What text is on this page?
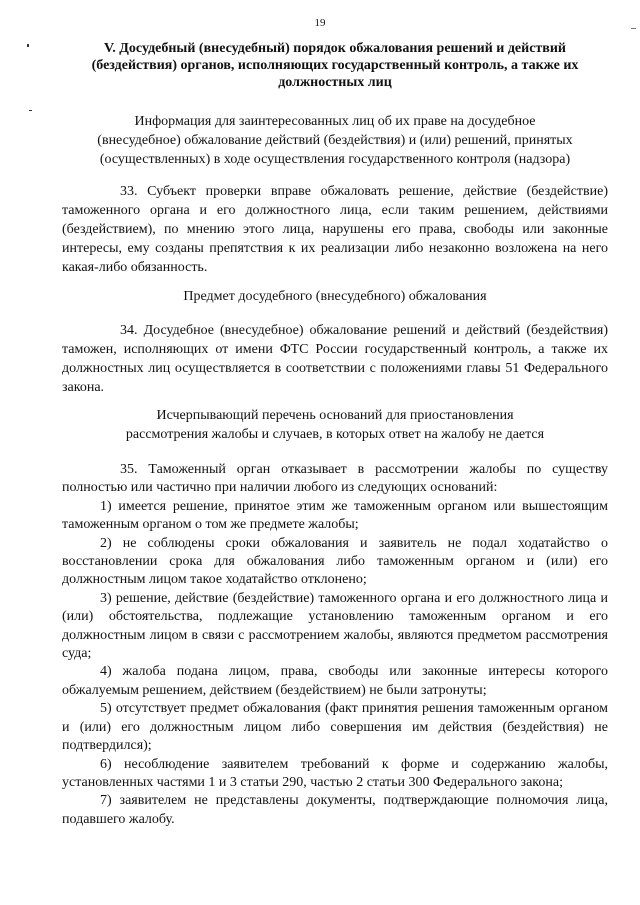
19
V. Досудебный (внесудебный) порядок обжалования решений и действий
(бездействия) органов, исполняющих государственный контроль, а также их
должностных лиц
Информация для заинтересованных лиц об их праве на досудебное
(внесудебное) обжалование действий (бездействия) и (или) решений, принятых
(осуществленных) в ходе осуществления государственного контроля (надзора)

33. Субъект проверки вправе обжаловать решение, действие (бездействие) таможенного органа и его должностного лица, если таким решением, действиями (бездействием), по мнению этого лица, нарушены его права, свободы или законные интересы, ему созданы препятствия к их реализации либо незаконно возложена на него какая-либо обязанность.

Предмет досудебного (внесудебного) обжалования

34. Досудебное (внесудебное) обжалование решений и действий (бездействия) таможен, исполняющих от имени ФТС России государственный контроль, а также их должностных лиц осуществляется в соответствии с положениями главы 51 Федерального закона.

Исчерпывающий перечень оснований для приостановления
рассмотрения жалобы и случаев, в которых ответ на жалобу не дается

35. Таможенный орган отказывает в рассмотрении жалобы по существу полностью или частично при наличии любого из следующих оснований:

1) имеется решение, принятое этим же таможенным органом или вышестоящим таможенным органом о том же предмете жалобы;

2) не соблюдены сроки обжалования и заявитель не подал ходатайство о восстановлении срока для обжалования либо таможенным органом и (или) его должностным лицом такое ходатайство отклонено;

3) решение, действие (бездействие) таможенного органа и его должностного лица и (или) обстоятельства, подлежащие установлению таможенным органом и его должностным лицом в связи с рассмотрением жалобы, являются предметом рассмотрения суда;

4) жалоба подана лицом, права, свободы или законные интересы которого обжалуемым решением, действием (бездействием) не были затронуты;

5) отсутствует предмет обжалования (факт принятия решения таможенным органом и (или) его должностным лицом либо совершения им действия (бездействия) не подтвердился);

6) несоблюдение заявителем требований к форме и содержанию жалобы, установленных частями 1 и 3 статьи 290, частью 2 статьи 300 Федерального закона;

7) заявителем не представлены документы, подтверждающие полномочия лица, подавшего жалобу.
